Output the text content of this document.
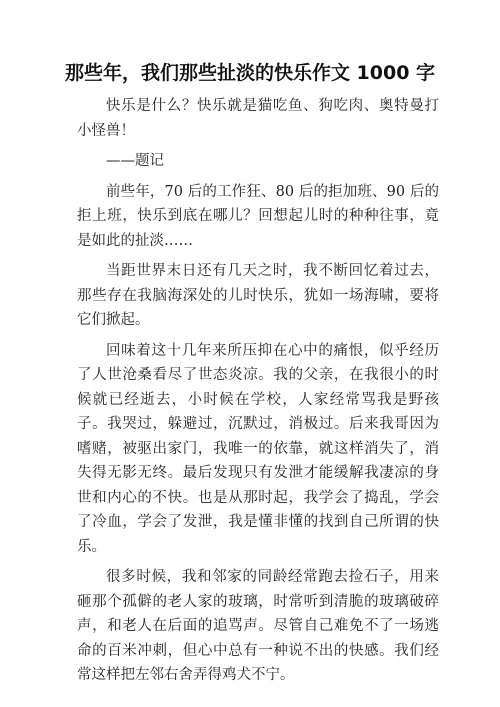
那些年，我们那些扯淡的快乐作文 1000 字

快乐是什么？快乐就是猫吃鱼、狗吃肉、奥特曼打小怪兽！

——题记

前些年，70 后的工作狂、80 后的拒加班、90 后的拒上班，快乐到底在哪儿？回想起儿时的种种往事，竟是如此的扯淡……

当距世界末日还有几天之时，我不断回忆着过去，那些存在我脑海深处的儿时快乐，犹如一场海啸，要将它们掀起。

回味着这十几年来所压抑在心中的痛恨，似乎经历了人世沧桑看尽了世态炎凉。我的父亲，在我很小的时候就已经逝去，小时候在学校，人家经常骂我是野孩子。我哭过，躲避过，沉默过，消极过。后来我哥因为嗜赌，被驱出家门，我唯一的依靠，就这样消失了，消失得无影无终。最后发现只有发泄才能缓解我凄凉的身世和内心的不快。也是从那时起，我学会了捣乱，学会了冷血，学会了发泄，我是懂非懂的找到自己所谓的快乐。

很多时候，我和邻家的同龄经常跑去捡石子，用来砸那个孤僻的老人家的玻璃，时常听到清脆的玻璃破碎声，和老人在后面的追骂声。尽管自己难免不了一场逃命的百米冲刺，但心中总有一种说不出的快感。我们经常这样把左邻右舍弄得鸡犬不宁。
